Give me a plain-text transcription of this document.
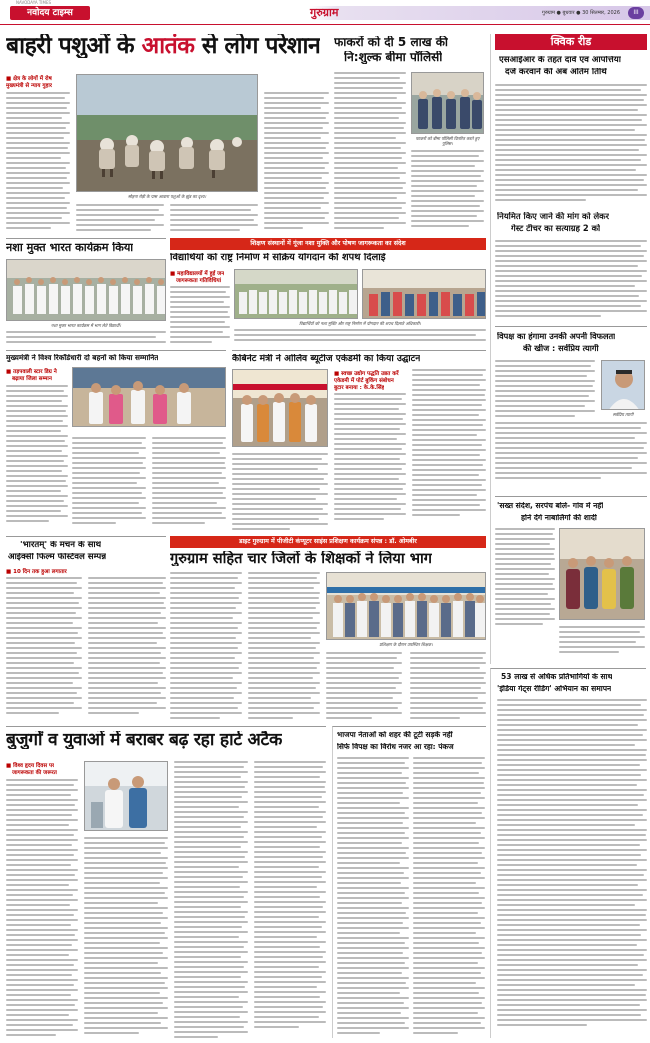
NAVODAYA TIMES
नवोदय टाइम्स	गुरुग्राम	गुरुग्राम ● बुधवार ● 30 सितम्बर, 2026	III
बाहरी पशुओं के आतंक से लोग परेशान
■ क्षेत्र के लोगों में रोष
मुख्यमंत्री से न्याय गुहार
सोहना रोड़ी के पास आवारा पशुओं के झुंड का दृश्य।
फाकरों को दी 5 लाख की
नि:शुल्क बीमा पॉलिसी
फाकरों को बीमा पॉलिसी वितरित करते हुए पुलिस।
क्विक रीड
एसआईआर के तहत दावे एवं आपत्तियां
दर्ज करवाने की अब अंतिम तिथि
नियमित किए जाने की मांग को लेकर
गेस्ट टीचर का सत्याग्रह 2 को
विपक्ष का हंगामा उनकी अपनी विफलता
की खीज : सर्वप्रिय त्यागी
सर्वप्रिय त्यागी
'सख्त संदेश, सरपंच बोले- गांव में नहीं
होने देंगे नाबालिगों की शादी
नशा मुक्त भारत कार्यक्रम किया
नशा मुक्त भारत कार्यक्रम में भाग लेते विद्यार्थी।
शिक्षण संस्थानों में गूंजा नशा मुक्ति और पोषण जागरूकता का संदेश
विद्यार्थियों को राष्ट्र निर्माण में सक्रिय योगदान की शपथ दिलाई
■ महाविद्यालयों में हुई जन
जागरूकता गतिविधियां
विद्यार्थियों को नशा मुक्ति और राष्ट्र निर्माण में योगदान की शपथ दिलाते अधिकारी।
मुख्यमंत्री ने विश्व रिकॉर्डधारी दो बहनों को किया सम्मानित
■ तड़पवाली स्टार डिग्र ने
बढ़ाया जिला सम्मान
कैबिनेट मंत्री ने ओलिव ब्यूटीज एकेडमी का किया उद्घाटन
■ स्वच्छ उद्योग पद्धति उन्नत करें
एकेडमी में पोर्ट बुकिंग संबोधन
बुटार बनाया : के.के.सिंह
'भारतम्' के मंचन के साथ
आईक्सी फिल्म फेस्टिवल सम्पन्न
■ 10 दिन तक हुआ लगातार
डाइट गुरुग्राम में पीजीटी कंप्यूटर साइंस प्रशिक्षण कार्यक्रम संपन्न : डॉ. ओमबीर
गुरुग्राम सहित चार जिलों के शिक्षकों ने लिया भाग
प्रशिक्षण के दौरान उपस्थित शिक्षक।
53 लाख से अधिक प्रतिभागियों के साथ
'इंडिया गेट्स रीडिंग' अभियान का समापन
बुजुर्गों व युवाओं में बराबर बढ़ रहा हार्ट अटैक
■ विश्व हृदय दिवस पर
जागरूकता की जरूरत
भाजपा नेताओं को शहर की टूटी सड़कें नहीं
सिर्फ विपक्ष का विरोध नजर आ रहा: पंकज
